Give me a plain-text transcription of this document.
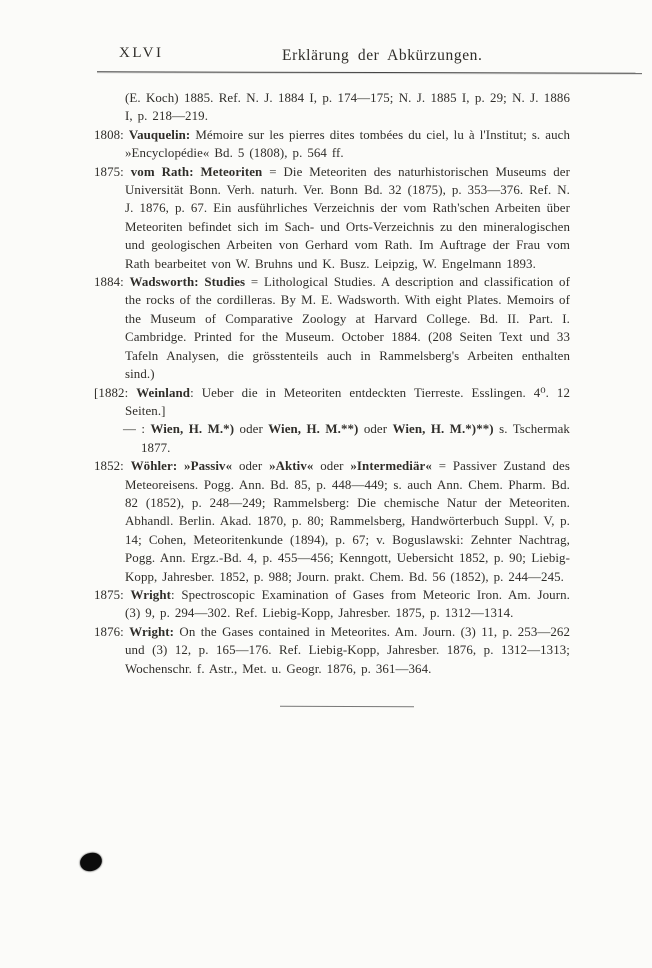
XLVI	Erklärung der Abkürzungen.
(E. Koch) 1885. Ref. N. J. 1884 I, p. 174—175; N. J. 1885 I, p. 29; N. J. 1886 I, p. 218—219.
1808: Vauquelin: Mémoire sur les pierres dites tombées du ciel, lu à l'Institut; s. auch »Encyclopédie« Bd. 5 (1808), p. 564 ff.
1875: vom Rath: Meteoriten = Die Meteoriten des naturhistorischen Museums der Universität Bonn. Verh. naturh. Ver. Bonn Bd. 32 (1875), p. 353—376. Ref. N. J. 1876, p. 67. Ein ausführliches Verzeichnis der vom Rath'schen Arbeiten über Meteoriten befindet sich im Sach- und Orts-Verzeichnis zu den mineralogischen und geologischen Arbeiten von Gerhard vom Rath. Im Auftrage der Frau vom Rath bearbeitet von W. Bruhns und K. Busz. Leipzig, W. Engelmann 1893.
1884: Wadsworth: Studies = Lithological Studies. A description and classification of the rocks of the cordilleras. By M. E. Wadsworth. With eight Plates. Memoirs of the Museum of Comparative Zoology at Harvard College. Bd. II. Part. I. Cambridge. Printed for the Museum. October 1884. (208 Seiten Text und 33 Tafeln Analysen, die grösstenteils auch in Rammelsberg's Arbeiten enthalten sind.)
[1882: Weinland: Ueber die in Meteoriten entdeckten Tierreste. Esslingen. 4⁰. 12 Seiten.]
— : Wien, H. M.*) oder Wien, H. M.**) oder Wien, H. M.*)**) s. Tschermak 1877.
1852: Wöhler: »Passiv« oder »Aktiv« oder »Intermediär« = Passiver Zustand des Meteoreisens. Pogg. Ann. Bd. 85, p. 448—449; s. auch Ann. Chem. Pharm. Bd. 82 (1852), p. 248—249; Rammelsberg: Die chemische Natur der Meteoriten. Abhandl. Berlin. Akad. 1870, p. 80; Rammelsberg, Handwörterbuch Suppl. V, p. 14; Cohen, Meteoritenkunde (1894), p. 67; v. Boguslawski: Zehnter Nachtrag, Pogg. Ann. Ergz.-Bd. 4, p. 455—456; Kenngott, Uebersicht 1852, p. 90; Liebig-Kopp, Jahresber. 1852, p. 988; Journ. prakt. Chem. Bd. 56 (1852), p. 244—245.
1875: Wright: Spectroscopic Examination of Gases from Meteoric Iron. Am. Journ. (3) 9, p. 294—302. Ref. Liebig-Kopp, Jahresber. 1875, p. 1312—1314.
1876: Wright: On the Gases contained in Meteorites. Am. Journ. (3) 11, p. 253—262 und (3) 12, p. 165—176. Ref. Liebig-Kopp, Jahresber. 1876, p. 1312—1313; Wochenschr. f. Astr., Met. u. Geogr. 1876, p. 361—364.
